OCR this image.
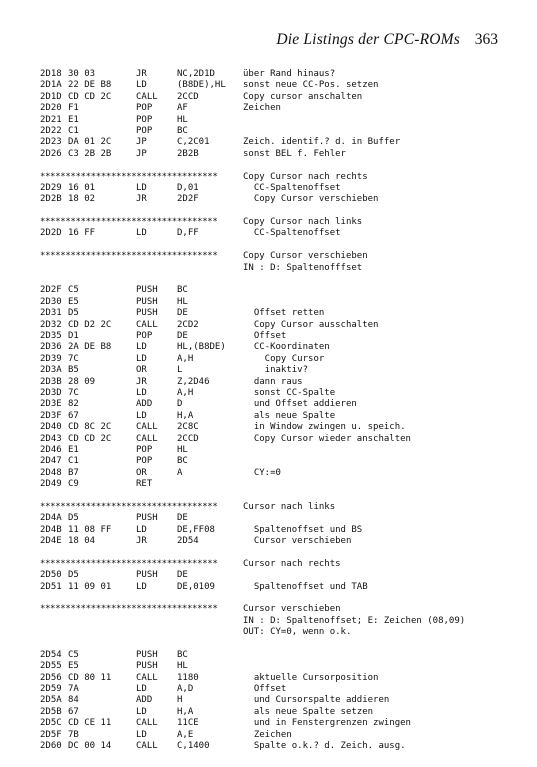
Die Listings der CPC-ROMs 363
2D18 30 03	JR	NC,2D1D	über Rand hinaus?
2D1A 22 DE B8	LD	(B8DE),HL sonst neue CC-Pos. setzen
2D1D CD CD 2C	CALL 2CCD	Copy cursor anschalten
2D20 F1	POP	AF	Zeichen
2D21 E1	POP	HL
2D22 C1	POP	BC
2D23 DA 01 2C	JP	C,2C01	Zeich. identif.? d. in Buffer
2D26 C3 2B 2B	JP	2B2B	sonst BEL f. Fehler
***********************************	Copy Cursor nach rechts
2D29 16 01	LD	D,01	CC-Spaltenoffset
2D2B 18 02	JR	2D2F	Copy Cursor verschieben
***********************************	Copy Cursor nach links
2D2D 16 FF	LD	D,FF	CC-Spaltenoffset
***********************************	Copy Cursor verschieben
IN : D: Spaltenofffset
2D2F C5	PUSH BC
2D30 E5	PUSH HL
2D31 D5	PUSH DE	Offset retten
2D32 CD D2 2C	CALL 2CD2	Copy Cursor ausschalten
2D35 D1	POP	DE	Offset
2D36 2A DE B8	LD	HL,(B8DE) CC-Koordinaten
2D39 7C	LD	A,H	Copy Cursor
2D3A B5	OR	L	inaktiv?
2D3B 28 09	JR	Z,2D46	dann raus
2D3D 7C	LD	A,H	sonst CC-Spalte
2D3E 82	ADD	D	und Offset addieren
2D3F 67	LD	H,A	als neue Spalte
2D40 CD 8C 2C	CALL 2C8C	in Window zwingen u. speich.
2D43 CD CD 2C	CALL 2CCD	Copy Cursor wieder anschalten
2D46 E1	POP	HL
2D47 C1	POP	BC
2D48 B7	OR	A	CY:=0
2D49 C9	RET
***********************************	Cursor nach links
2D4A D5	PUSH DE
2D4B 11 08 FF	LD	DE,FF08	Spaltenoffset und BS
2D4E 18 04	JR	2D54	Cursor verschieben
***********************************	Cursor nach rechts
2D50 D5	PUSH DE
2D51 11 09 01	LD	DE,0109	Spaltenoffset und TAB
***********************************	Cursor verschieben
IN : D: Spaltenoffset; E: Zeichen (08,09)
OUT: CY=0, wenn o.k.
2D54 C5	PUSH BC
2D55 E5	PUSH HL
2D56 CD 80 11	CALL 1180	aktuelle Cursorposition
2D59 7A	LD	A,D	Offset
2D5A 84	ADD	H	und Cursorspalte addieren
2D5B 67	LD	H,A	als neue Spalte setzen
2D5C CD CE 11	CALL 11CE	und in Fenstergrenzen zwingen
2D5F 7B	LD	A,E	Zeichen
2D60 DC 00 14	CALL C,1400	Spalte o.k.? d. Zeich. ausg.
